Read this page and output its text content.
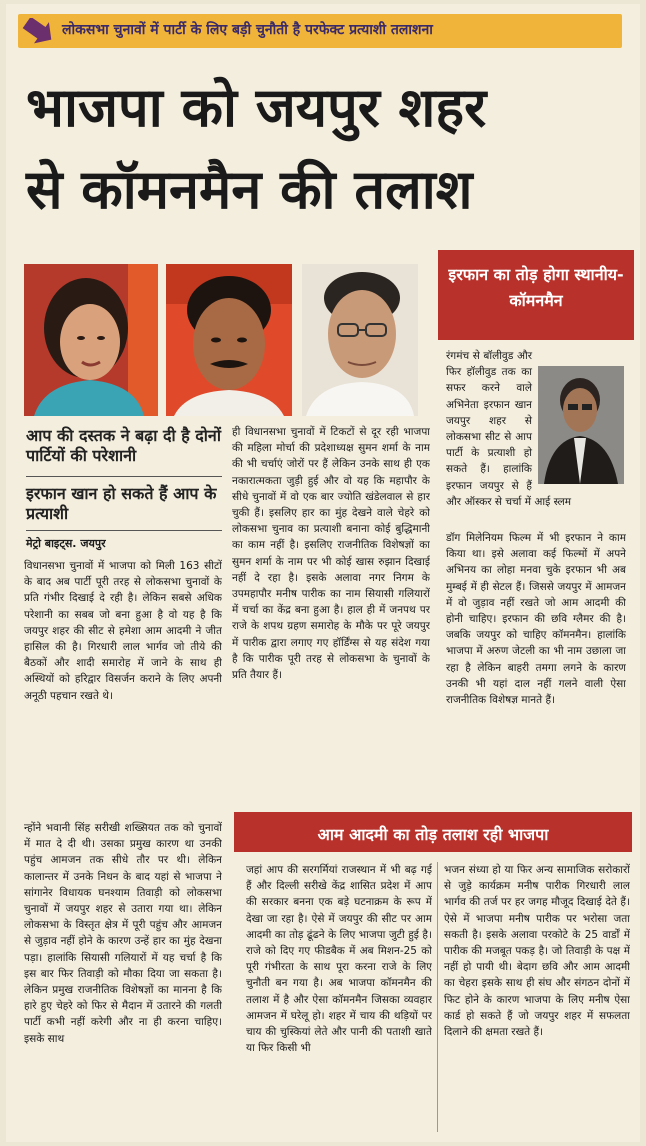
लोकसभा चुनावों में पार्टी के लिए बड़ी चुनौती है परफेक्ट प्रत्याशी तलाशना
भाजपा को जयपुर शहर
से कॉमनमैन की तलाश
आप की दस्तक ने बढ़ा दी है दोनों पार्टियों की परेशानी
इरफान खान हो सकते हैं आप के प्रत्याशी
मेट्रो बाइट्स. जयपुर
विधानसभा चुनावों में भाजपा को मिली 163 सीटों के बाद अब पार्टी पूरी तरह से लोकसभा चुनावों के प्रति गंभीर दिखाई दे रही है। लेकिन सबसे अधिक परेशानी का सबब जो बना हुआ है वो यह है कि जयपुर शहर की सीट से हमेशा आम आदमी ने जीत हासिल की है। गिरधारी लाल भार्गव जो तीये की बैठकों और शादी समारोह में जाने के साथ ही अस्थियों को हरिद्वार विसर्जन कराने के लिए अपनी अनूठी पहचान रखते थे।
न्होंने भवानी सिंह सरीखी शख्सियत तक को चुनावों में मात दे दी थी। उसका प्रमुख कारण था उनकी पहुंच आमजन तक सीधे तौर पर थी। लेकिन कालान्तर में उनके निधन के बाद यहां से भाजपा ने सांगानेर विधायक घनश्याम तिवाड़ी को लोकसभा चुनावों में जयपुर शहर से उतारा गया था। लेकिन लोकसभा के विस्तृत क्षेत्र में पूरी पहुंच और आमजन से जुड़ाव नहीं होने के कारण उन्हें हार का मुंह देखना पड़ा। हालांकि सियासी गलियारों में यह चर्चा है कि इस बार फिर तिवाड़ी को मौका दिया जा सकता है। लेकिन प्रमुख राजनीतिक विशेषज्ञों का मानना है कि हारे हुए चेहरे को फिर से मैदान में उतारने की गलती पार्टी कभी नहीं करेगी और ना ही करना चाहिए। इसके साथ
ही विधानसभा चुनावों में टिकटों से दूर रही भाजपा की महिला मोर्चा की प्रदेशाध्यक्ष सुमन शर्मा के नाम की भी चर्चाएं जोरों पर हैं लेकिन उनके साथ ही एक नकारात्मकता जुड़ी हुई और वो यह कि महापौर के सीधे चुनावों में वो एक बार ज्योति खंडेलवाल से हार चुकी हैं। इसलिए हार का मुंह देखने वाले चेहरे को लोकसभा चुनाव का प्रत्याशी बनाना कोई बुद्धिमानी का काम नहीं है। इसलिए राजनीतिक विशेषज्ञों का सुमन शर्मा के नाम पर भी कोई खास रुझान दिखाई नहीं दे रहा है। इसके अलावा नगर निगम के उपमहापौर मनीष पारीक का नाम सियासी गलियारों में चर्चा का केंद्र बना हुआ है। हाल ही में जनपथ पर राजे के शपथ ग्रहण समारोह के मौके पर पूरे जयपुर में पारीक द्वारा लगाए गए हॉर्डिंग्स से यह संदेश गया है कि पारीक पूरी तरह से लोकसभा के चुनावों के प्रति तैयार हैं।
इरफान का तोड़ होगा स्थानीय-कॉमनमैन
रंगमंच से बॉलीवुड और फिर हॉलीवुड तक का सफर करने वाले अभिनेता इरफान खान जयपुर शहर से लोकसभा सीट से आप पार्टी के प्रत्याशी हो सकते हैं। हालांकि इरफान जयपुर से हैं और ऑस्कर से चर्चा में आई स्लम
डॉग मिलेनियम फिल्म में भी इरफान ने काम किया था। इसे अलावा कई फिल्मों में अपने अभिनय का लोहा मनवा चुके इरफान भी अब मुम्बई में ही सेटल हैं। जिससे जयपुर में आमजन में वो जुड़ाव नहीं रखते जो आम आदमी की होनी चाहिए। इरफान की छवि ग्लैमर की है। जबकि जयपुर को चाहिए कॉमनमैन। हालांकि भाजपा में अरुण जेटली का भी नाम उछाला जा रहा है लेकिन बाहरी तमगा लगने के कारण उनकी भी यहां दाल नहीं गलने वाली ऐसा राजनीतिक विशेषज्ञ मानते हैं।
आम आदमी का तोड़ तलाश रही भाजपा
जहां आप की सरगर्मियां राजस्थान में भी बढ़ गई हैं और दिल्ली सरीखे केंद्र शासित प्रदेश में आप की सरकार बनना एक बड़े घटनाक्रम के रूप में देखा जा रहा है। ऐसे में जयपुर की सीट पर आम आदमी का तोड़ ढूंढने के लिए भाजपा जुटी हुई है। राजे को दिए गए फीडबैक में अब मिशन-25 को पूरी गंभीरता के साथ पूरा करना राजे के लिए चुनौती बन गया है। अब भाजपा कॉमनमैन की तलाश में है और ऐसा कॉमनमैन जिसका व्यवहार आमजन में घरेलू हो। शहर में चाय की थड़ियों पर चाय की चुस्कियां लेते और पानी की पताशी खाते या फिर किसी भी
भजन संध्या हो या फिर अन्य सामाजिक सरोकारों से जुड़े कार्यक्रम मनीष पारीक गिरधारी लाल भार्गव की तर्ज पर हर जगह मौजूद दिखाई देते हैं। ऐसे में भाजपा मनीष पारीक पर भरोसा जता सकती है। इसके अलावा परकोटे के 25 वार्डों में पारीक की मजबूत पकड़ है। जो तिवाड़ी के पक्ष में नहीं हो पायी थी। बेदाग छवि और आम आदमी का चेहरा इसके साथ ही संघ और संगठन दोनों में फिट होने के कारण भाजपा के लिए मनीष ऐसा कार्ड हो सकते हैं जो जयपुर शहर में सफलता दिलाने की क्षमता रखते हैं।
